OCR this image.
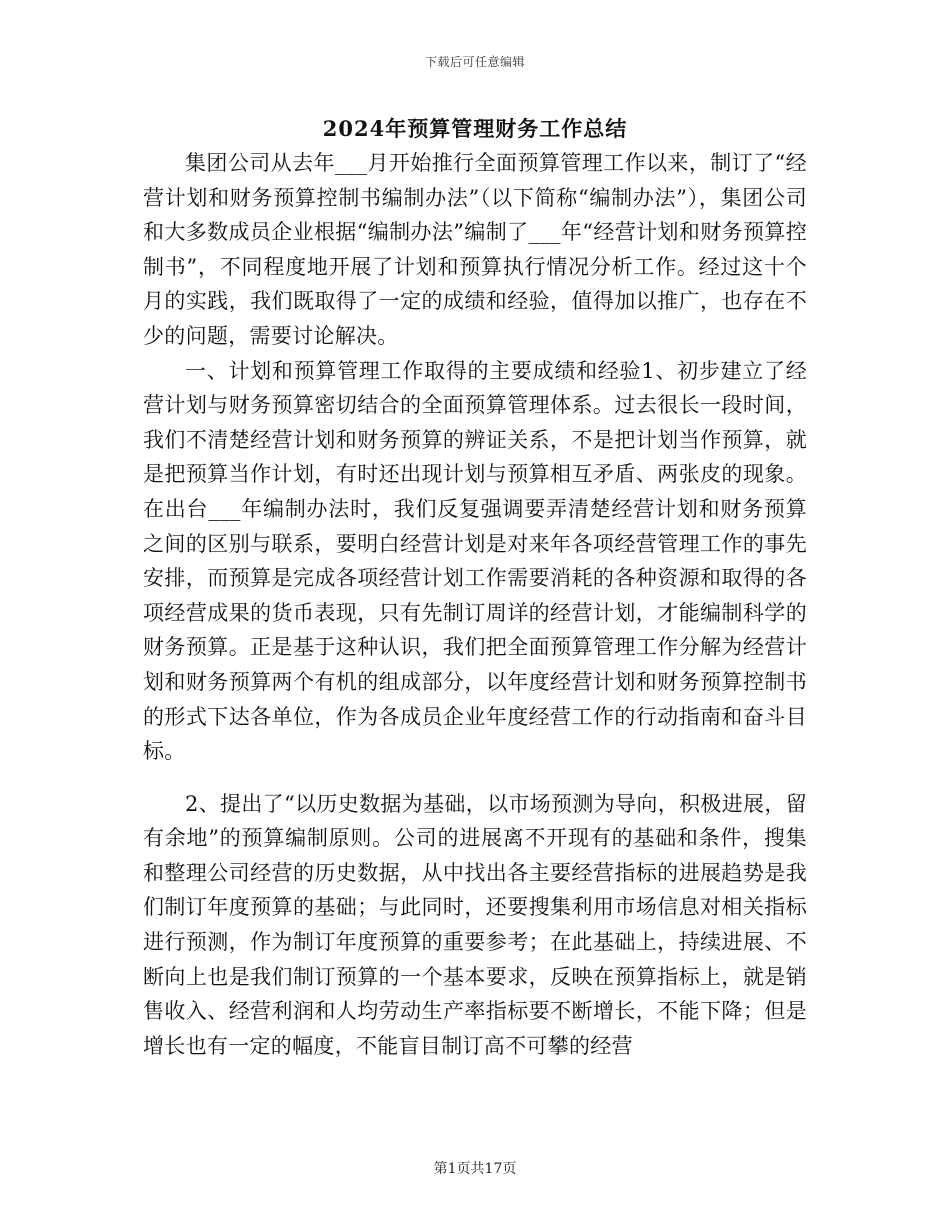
下载后可任意编辑
2024年预算管理财务工作总结

集团公司从去年___月开始推行全面预算管理工作以来，制订了“经营计划和财务预算控制书编制办法”（以下简称“编制办法”），集团公司和大多数成员企业根据“编制办法”编制了___年“经营计划和财务预算控制书”，不同程度地开展了计划和预算执行情况分析工作。经过这十个月的实践，我们既取得了一定的成绩和经验，值得加以推广，也存在不少的问题，需要讨论解决。

一、计划和预算管理工作取得的主要成绩和经验1、初步建立了经营计划与财务预算密切结合的全面预算管理体系。过去很长一段时间，我们不清楚经营计划和财务预算的辨证关系，不是把计划当作预算，就是把预算当作计划，有时还出现计划与预算相互矛盾、两张皮的现象。在出台___年编制办法时，我们反复强调要弄清楚经营计划和财务预算之间的区别与联系，要明白经营计划是对来年各项经营管理工作的事先安排，而预算是完成各项经营计划工作需要消耗的各种资源和取得的各项经营成果的货币表现，只有先制订周详的经营计划，才能编制科学的财务预算。正是基于这种认识，我们把全面预算管理工作分解为经营计划和财务预算两个有机的组成部分，以年度经营计划和财务预算控制书的形式下达各单位，作为各成员企业年度经营工作的行动指南和奋斗目标。

2、提出了“以历史数据为基础，以市场预测为导向，积极进展，留有余地”的预算编制原则。公司的进展离不开现有的基础和条件，搜集和整理公司经营的历史数据，从中找出各主要经营指标的进展趋势是我们制订年度预算的基础；与此同时，还要搜集利用市场信息对相关指标进行预测，作为制订年度预算的重要参考；在此基础上，持续进展、不断向上也是我们制订预算的一个基本要求，反映在预算指标上，就是销售收入、经营利润和人均劳动生产率指标要不断增长，不能下降；但是增长也有一定的幅度，不能盲目制订高不可攀的经营

第1页共17页
